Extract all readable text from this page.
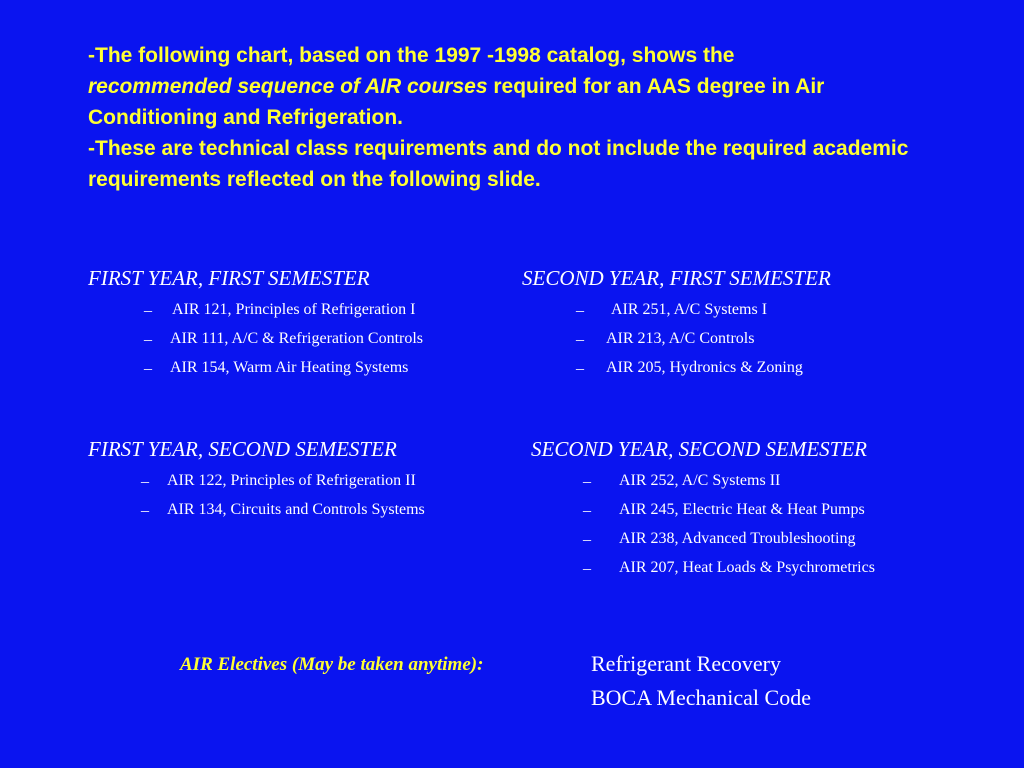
-The following chart, based on the 1997 -1998 catalog, shows the
recommended sequence of AIR courses required for an AAS degree in Air Conditioning and Refrigeration.

-These are technical class requirements and do not include the required academic requirements reflected on the following slide.

FIRST YEAR, FIRST SEMESTER
_ AIR 121, Principles of Refrigeration I
_ AIR 111, A/C & Refrigeration Controls
_ AIR 154, Warm Air Heating Systems
SECOND YEAR, FIRST SEMESTER
_ AIR 251, A/C Systems I
_ AIR 213, A/C Controls
_ AIR 205, Hydronics & Zoning
FIRST YEAR, SECOND SEMESTER
_ AIR 122, Principles of Refrigeration II
_ AIR 134, Circuits and Controls Systems
SECOND YEAR, SECOND SEMESTER
_ AIR 252, A/C Systems II
_ AIR 245, Electric Heat & Heat Pumps
_ AIR 238, Advanced Troubleshooting
_ AIR 207, Heat Loads & Psychrometrics
AIR Electives (May be taken anytime):	Refrigerant Recovery
BOCA Mechanical Code
